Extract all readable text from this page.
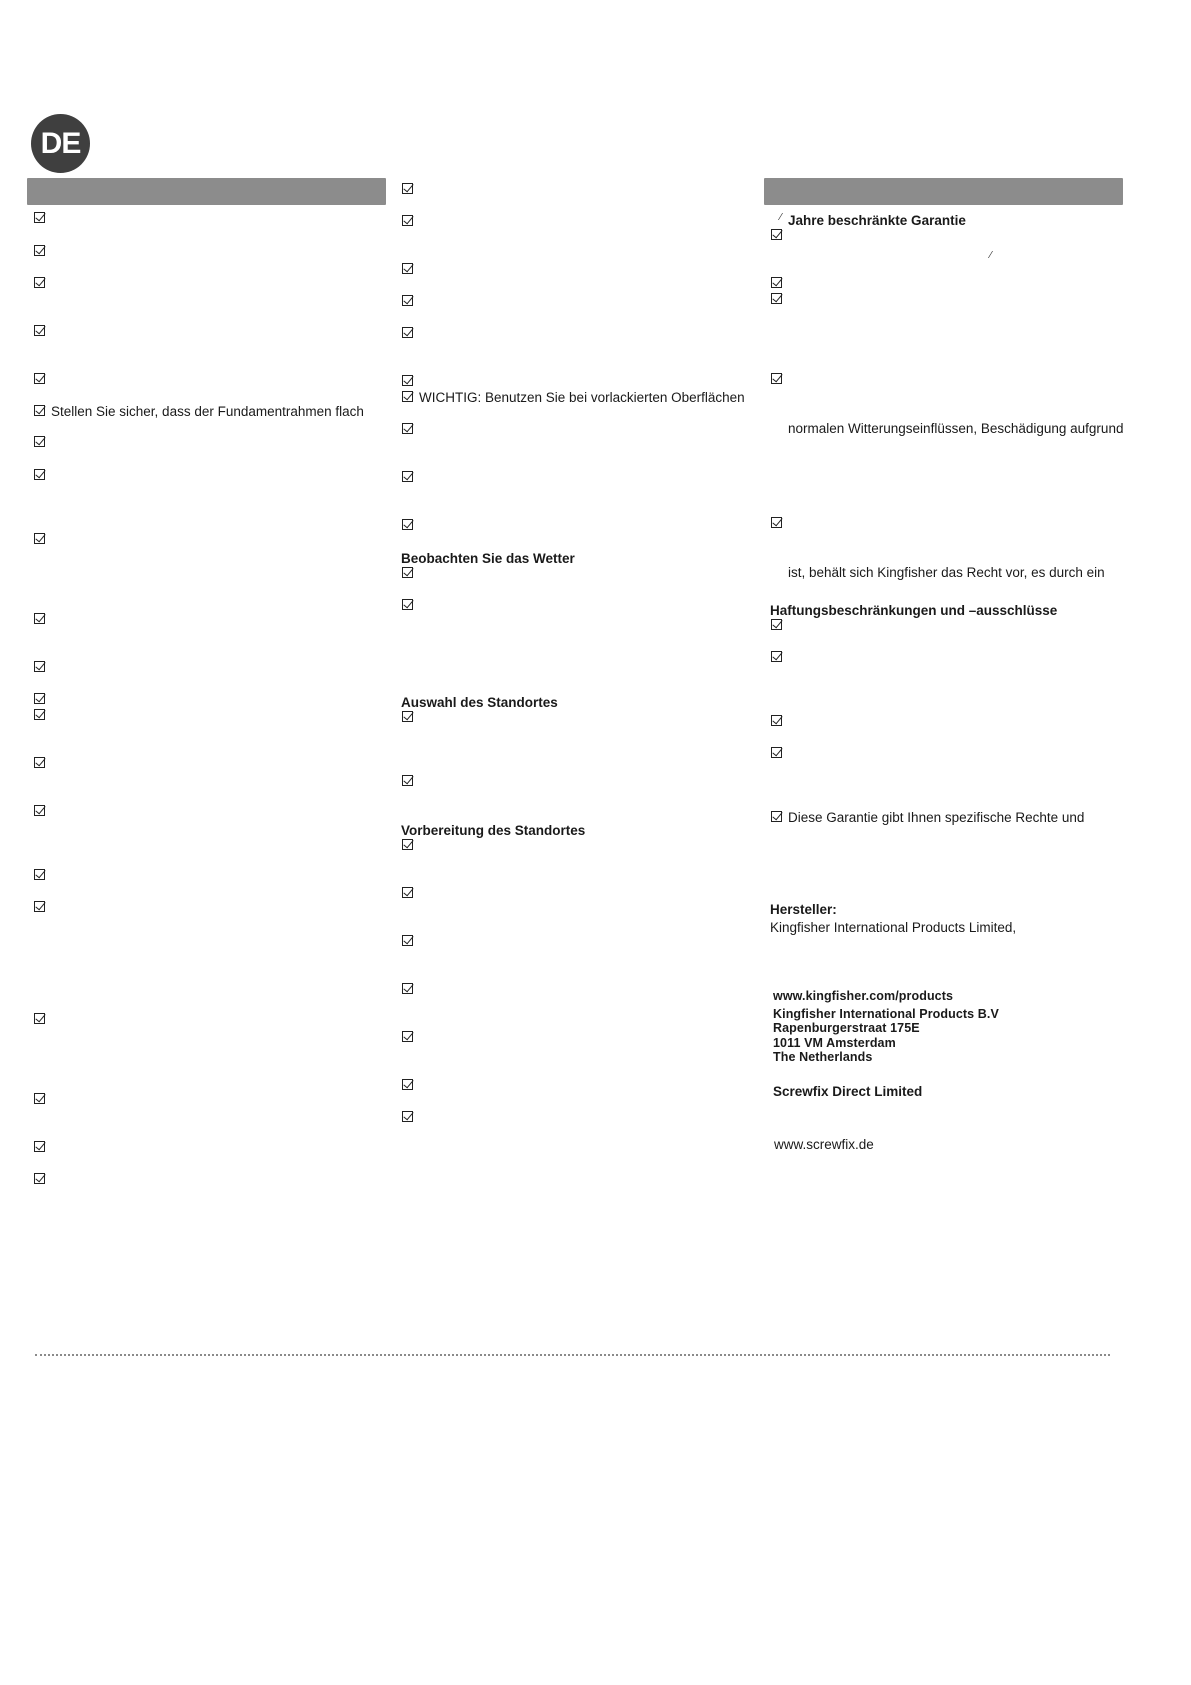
DE
Stellen Sie sicher, dass der Fundamentrahmen flach
WICHTIG: Benutzen Sie bei vorlackierten Oberflächen
Beobachten Sie das Wetter
Auswahl des Standortes
Vorbereitung des Standortes
⁄ Jahre beschränkte Garantie
⁄
normalen Witterungseinflüssen, Beschädigung aufgrund
ist, behält sich Kingfisher das Recht vor, es durch ein
Haftungsbeschränkungen und –ausschlüsse
Diese Garantie gibt Ihnen spezifische Rechte und
Hersteller:
Kingfisher International Products Limited,
www.kingfisher.com/products
Kingfisher International Products B.V
Rapenburgerstraat 175E
1011 VM Amsterdam
The Netherlands
Screwfix Direct Limited
www.screwfix.de
